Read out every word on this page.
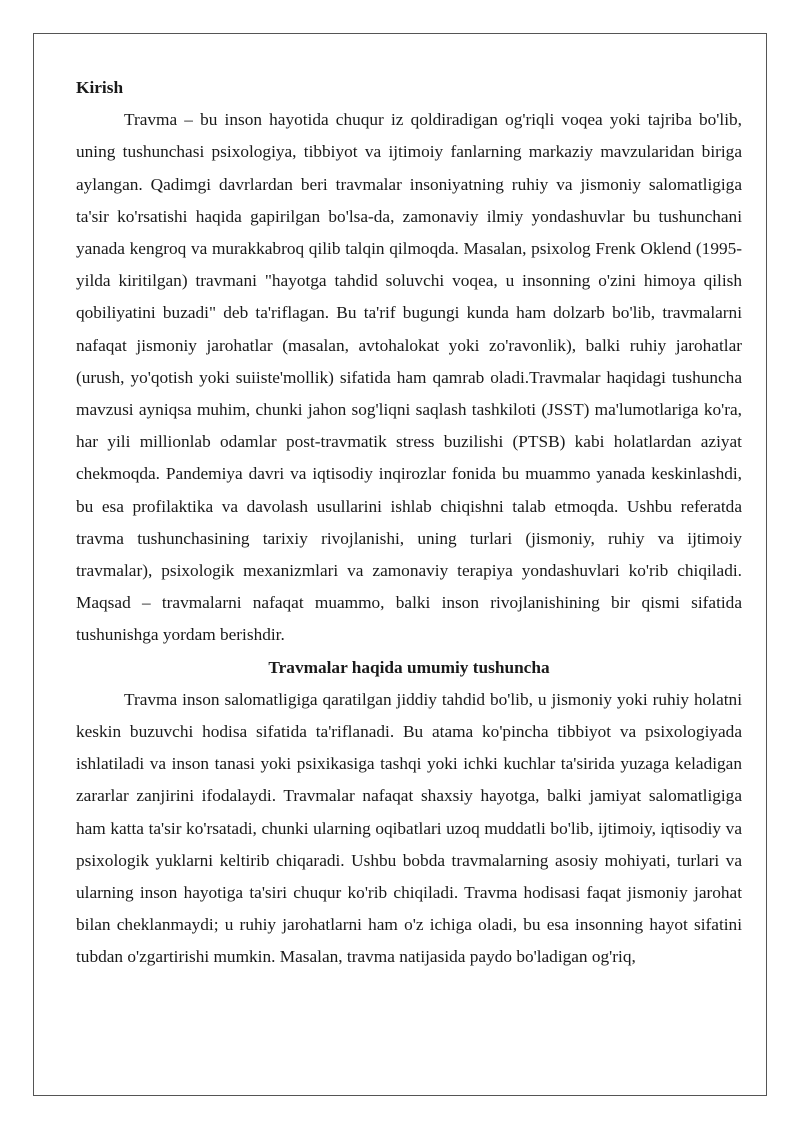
Kirish

Travma – bu inson hayotida chuqur iz qoldiradigan og'riqli voqea yoki tajriba bo'lib, uning tushunchasi psixologiya, tibbiyot va ijtimoiy fanlarning markaziy mavzularidan biriga aylangan. Qadimgi davrlardan beri travmalar insoniyatning ruhiy va jismoniy salomatligiga ta'sir ko'rsatishi haqida gapirilgan bo'lsa-da, zamonaviy ilmiy yondashuvlar bu tushunchani yanada kengroq va murakkabroq qilib talqin qilmoqda. Masalan, psixolog Frenk Oklend (1995-yilda kiritilgan) travmani "hayotga tahdid soluvchi voqea, u insonning o'zini himoya qilish qobiliyatini buzadi" deb ta'riflagan. Bu ta'rif bugungi kunda ham dolzarb bo'lib, travmalarni nafaqat jismoniy jarohatlar (masalan, avtohalokat yoki zo'ravonlik), balki ruhiy jarohatlar (urush, yo'qotish yoki suiiste'mollik) sifatida ham qamrab oladi.Travmalar haqidagi tushuncha mavzusi ayniqsa muhim, chunki jahon sog'liqni saqlash tashkiloti (JSST) ma'lumotlariga ko'ra, har yili millionlab odamlar post-travmatik stress buzilishi (PTSB) kabi holatlardan aziyat chekmoqda. Pandemiya davri va iqtisodiy inqirozlar fonida bu muammo yanada keskinlashdi, bu esa profilaktika va davolash usullarini ishlab chiqishni talab etmoqda. Ushbu referatda travma tushunchasining tarixiy rivojlanishi, uning turlari (jismoniy, ruhiy va ijtimoiy travmalar), psixologik mexanizmlari va zamonaviy terapiya yondashuvlari ko'rib chiqiladi. Maqsad – travmalarni nafaqat muammo, balki inson rivojlanishining bir qismi sifatida tushunishga yordam berishdir.

Travmalar haqida umumiy tushuncha

Travma inson salomatligiga qaratilgan jiddiy tahdid bo'lib, u jismoniy yoki ruhiy holatni keskin buzuvchi hodisa sifatida ta'riflanadi. Bu atama ko'pincha tibbiyot va psixologiyada ishlatiladi va inson tanasi yoki psixikasiga tashqi yoki ichki kuchlar ta'sirida yuzaga keladigan zararlar zanjirini ifodalaydi. Travmalar nafaqat shaxsiy hayotga, balki jamiyat salomatligiga ham katta ta'sir ko'rsatadi, chunki ularning oqibatlari uzoq muddatli bo'lib, ijtimoiy, iqtisodiy va psixologik yuklarni keltirib chiqaradi. Ushbu bobda travmalarning asosiy mohiyati, turlari va ularning inson hayotiga ta'siri chuqur ko'rib chiqiladi. Travma hodisasi faqat jismoniy jarohat bilan cheklanmaydi; u ruhiy jarohatlarni ham o'z ichiga oladi, bu esa insonning hayot sifatini tubdan o'zgartirishi mumkin. Masalan, travma natijasida paydo bo'ladigan og'riq,
